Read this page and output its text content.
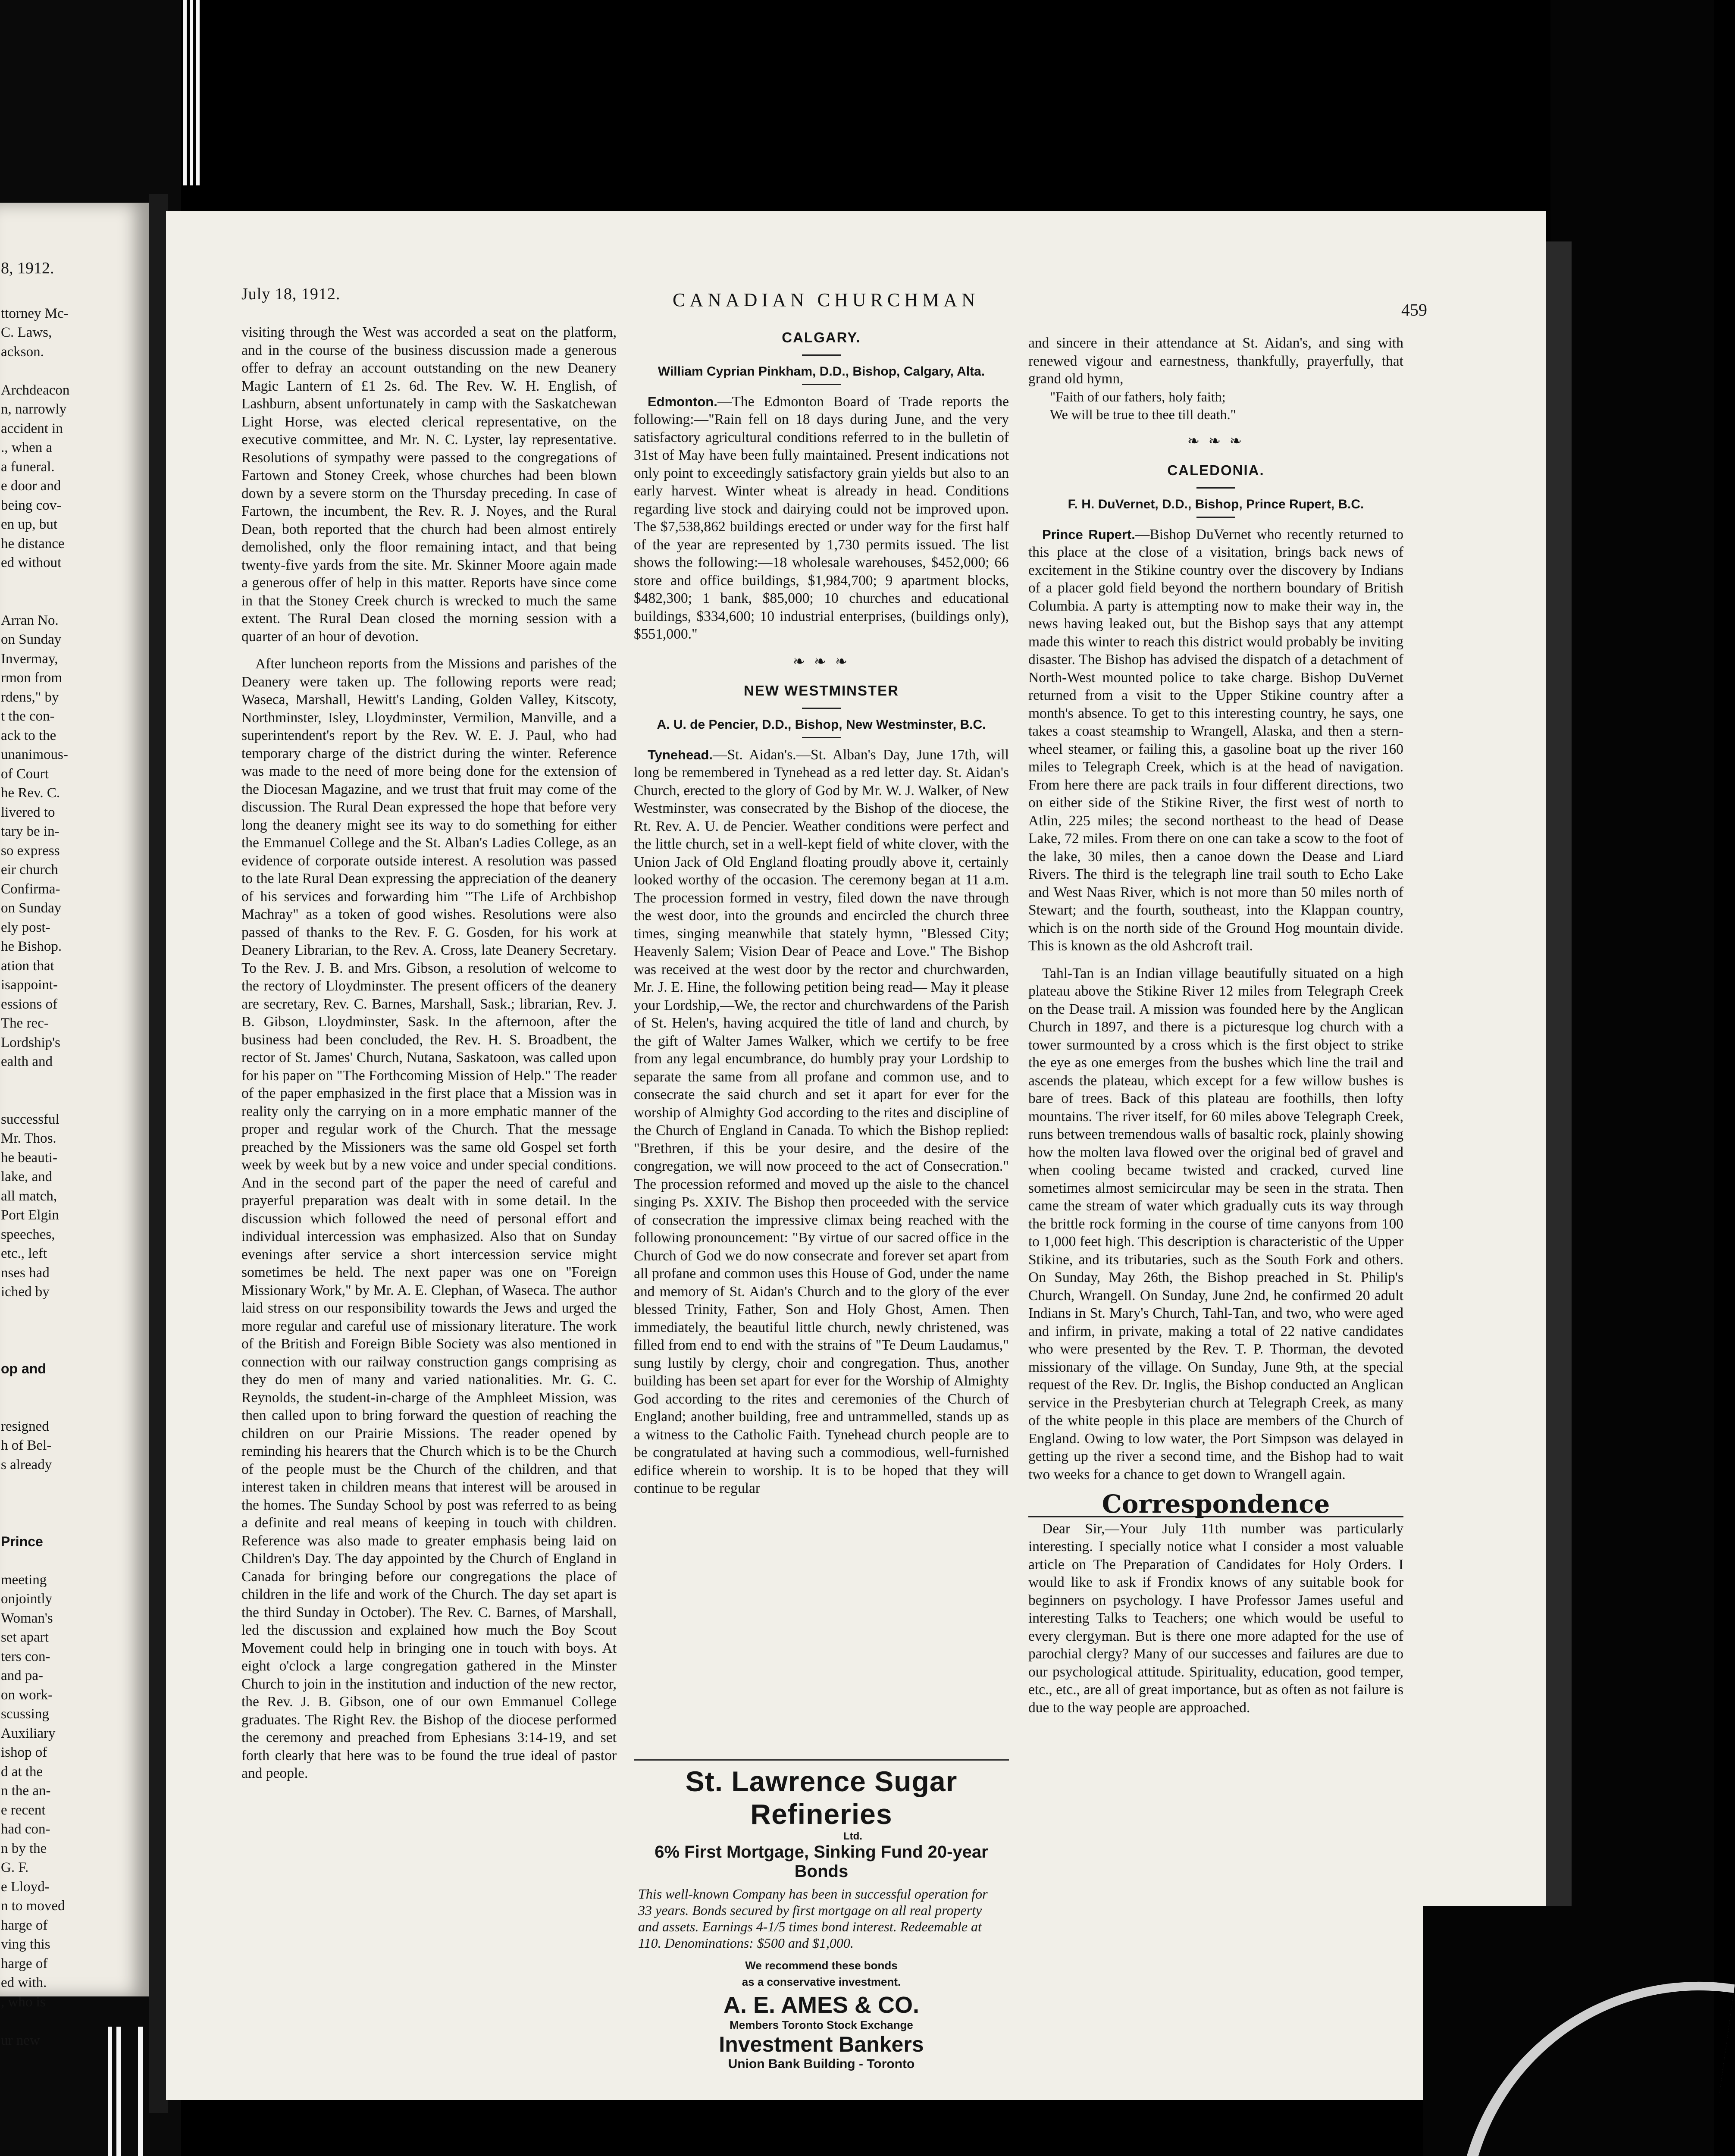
8, 1912.
ttorney Mc-
C. Laws,
ackson.

Archdeacon
n, narrowly
accident in
., when a
a funeral.
e door and
being cov-
en up, but
he distance
ed without

Arran No.
on Sunday
Invermay,
rmon from
rdens," by
t the con-
ack to the
unanimous-
of Court
he Rev. C.
livered to
tary be in-
so express
eir church
Confirma-
on Sunday
ely post-
he Bishop.
ation that
isappoint-
essions of
The rec-
Lordship's
ealth and

successful
Mr. Thos.
he beauti-
lake, and
all match,
Port Elgin
speeches,
etc., left
nses had
iched by

op and

resigned
h of Bel-
s already

Prince

meeting
onjointly
Woman's
set apart
ters con-
and pa-
on work-
scussing
Auxiliary
ishop of
d at the
n the an-
e recent
had con-
n by the
G. F.
e Lloyd-
n to moved
harge of
ving this
harge of
ed with.
, who is

ur new
July 18, 1912.	CANADIAN CHURCHMAN	459

visiting through the West was accorded a seat on the platform, and in the course of the business discussion made a generous offer to defray an account outstanding on the new Deanery Magic Lantern of £1 2s. 6d. The Rev. W. H. English, of Lashburn, absent unfortunately in camp with the Saskatchewan Light Horse, was elected clerical representative, on the executive committee, and Mr. N. C. Lyster, lay representative. Resolutions of sympathy were passed to the congregations of Fartown and Stoney Creek, whose churches had been blown down by a severe storm on the Thursday preceding. In case of Fartown, the incumbent, the Rev. R. J. Noyes, and the Rural Dean, both reported that the church had been almost entirely demolished, only the floor remaining intact, and that being twenty-five yards from the site. Mr. Skinner Moore again made a generous offer of help in this matter. Reports have since come in that the Stoney Creek church is wrecked to much the same extent. The Rural Dean closed the morning session with a quarter of an hour of devotion.

After luncheon reports from the Missions and parishes of the Deanery were taken up. The following reports were read; Waseca, Marshall, Hewitt's Landing, Golden Valley, Kitscoty, Northminster, Isley, Lloydminster, Vermilion, Manville, and a superintendent's report by the Rev. W. E. J. Paul, who had temporary charge of the district during the winter. Reference was made to the need of more being done for the extension of the Diocesan Magazine, and we trust that fruit may come of the discussion. The Rural Dean expressed the hope that before very long the deanery might see its way to do something for either the Emmanuel College and the St. Alban's Ladies College, as an evidence of corporate outside interest. A resolution was passed to the late Rural Dean expressing the appreciation of the deanery of his services and forwarding him "The Life of Archbishop Machray" as a token of good wishes. Resolutions were also passed of thanks to the Rev. F. G. Gosden, for his work at Deanery Librarian, to the Rev. A. Cross, late Deanery Secretary. To the Rev. J. B. and Mrs. Gibson, a resolution of welcome to the rectory of Lloydminster. The present officers of the deanery are secretary, Rev. C. Barnes, Marshall, Sask.; librarian, Rev. J. B. Gibson, Lloydminster, Sask. In the afternoon, after the business had been concluded, the Rev. H. S. Broadbent, the rector of St. James' Church, Nutana, Saskatoon, was called upon for his paper on "The Forthcoming Mission of Help." The reader of the paper emphasized in the first place that a Mission was in reality only the carrying on in a more emphatic manner of the proper and regular work of the Church. That the message preached by the Missioners was the same old Gospel set forth week by week but by a new voice and under special conditions. And in the second part of the paper the need of careful and prayerful preparation was dealt with in some detail. In the discussion which followed the need of personal effort and individual intercession was emphasized. Also that on Sunday evenings after service a short intercession service might sometimes be held. The next paper was one on "Foreign Missionary Work," by Mr. A. E. Clephan, of Waseca. The author laid stress on our responsibility towards the Jews and urged the more regular and careful use of missionary literature. The work of the British and Foreign Bible Society was also mentioned in connection with our railway construction gangs comprising as they do men of many and varied nationalities. Mr. G. C. Reynolds, the student-in-charge of the Amphleet Mission, was then called upon to bring forward the question of reaching the children on our Prairie Missions. The reader opened by reminding his hearers that the Church which is to be the Church of the people must be the Church of the children, and that interest taken in children means that interest will be aroused in the homes. The Sunday School by post was referred to as being a definite and real means of keeping in touch with children. Reference was also made to greater emphasis being laid on Children's Day. The day appointed by the Church of England in Canada for bringing before our congregations the place of children in the life and work of the Church. The day set apart is the third Sunday in October). The Rev. C. Barnes, of Marshall, led the discussion and explained how much the Boy Scout Movement could help in bringing one in touch with boys. At eight o'clock a large congregation gathered in the Minster Church to join in the institution and induction of the new rector, the Rev. J. B. Gibson, one of our own Emmanuel College graduates. The Right Rev. the Bishop of the diocese performed the ceremony and preached from Ephesians 3:14-19, and set forth clearly that here was to be found the true ideal of pastor and people.

CALGARY.
William Cyprian Pinkham, D.D., Bishop, Calgary, Alta.

Edmonton.—The Edmonton Board of Trade reports the following:—"Rain fell on 18 days during June, and the very satisfactory agricultural conditions referred to in the bulletin of 31st of May have been fully maintained. Present indications not only point to exceedingly satisfactory grain yields but also to an early harvest. Winter wheat is already in head. Conditions regarding live stock and dairying could not be improved upon. The $7,538,862 buildings erected or under way for the first half of the year are represented by 1,730 permits issued. The list shows the following:—18 wholesale warehouses, $452,000; 66 store and office buildings, $1,984,700; 9 apartment blocks, $482,300; 1 bank, $85,000; 10 churches and educational buildings, $334,600; 10 industrial enterprises, (buildings only), $551,000."

❧ ❧ ❧
NEW WESTMINSTER
A. U. de Pencier, D.D., Bishop, New Westminster, B.C.

Tynehead.—St. Aidan's.—St. Alban's Day, June 17th, will long be remembered in Tynehead as a red letter day. St. Aidan's Church, erected to the glory of God by Mr. W. J. Walker, of New Westminster, was consecrated by the Bishop of the diocese, the Rt. Rev. A. U. de Pencier. Weather conditions were perfect and the little church, set in a well-kept field of white clover, with the Union Jack of Old England floating proudly above it, certainly looked worthy of the occasion. The ceremony began at 11 a.m. The procession formed in vestry, filed down the nave through the west door, into the grounds and encircled the church three times, singing meanwhile that stately hymn, "Blessed City; Heavenly Salem; Vision Dear of Peace and Love." The Bishop was received at the west door by the rector and churchwarden, Mr. J. E. Hine, the following petition being read— May it please your Lordship,—We, the rector and churchwardens of the Parish of St. Helen's, having acquired the title of land and church, by the gift of Walter James Walker, which we certify to be free from any legal encumbrance, do humbly pray your Lordship to separate the same from all profane and common use, and to consecrate the said church and set it apart for ever for the worship of Almighty God according to the rites and discipline of the Church of England in Canada. To which the Bishop replied: "Brethren, if this be your desire, and the desire of the congregation, we will now proceed to the act of Consecration." The procession reformed and moved up the aisle to the chancel singing Ps. XXIV. The Bishop then proceeded with the service of consecration the impressive climax being reached with the following pronouncement: "By virtue of our sacred office in the Church of God we do now consecrate and forever set apart from all profane and common uses this House of God, under the name and memory of St. Aidan's Church and to the glory of the ever blessed Trinity, Father, Son and Holy Ghost, Amen. Then immediately, the beautiful little church, newly christened, was filled from end to end with the strains of "Te Deum Laudamus," sung lustily by clergy, choir and congregation. Thus, another building has been set apart for ever for the Worship of Almighty God according to the rites and ceremonies of the Church of England; another building, free and untrammelled, stands up as a witness to the Catholic Faith. Tynehead church people are to be congratulated at having such a commodious, well-furnished edifice wherein to worship. It is to be hoped that they will continue to be regular

and sincere in their attendance at St. Aidan's, and sing with renewed vigour and earnestness, thankfully, prayerfully, that grand old hymn,

"Faith of our fathers, holy faith;

We will be true to thee till death."

❧ ❧ ❧
CALEDONIA.
F. H. DuVernet, D.D., Bishop, Prince Rupert, B.C.

Prince Rupert.—Bishop DuVernet who recently returned to this place at the close of a visitation, brings back news of excitement in the Stikine country over the discovery by Indians of a placer gold field beyond the northern boundary of British Columbia. A party is attempting now to make their way in, the news having leaked out, but the Bishop says that any attempt made this winter to reach this district would probably be inviting disaster. The Bishop has advised the dispatch of a detachment of North-West mounted police to take charge. Bishop DuVernet returned from a visit to the Upper Stikine country after a month's absence. To get to this interesting country, he says, one takes a coast steamship to Wrangell, Alaska, and then a stern-wheel steamer, or failing this, a gasoline boat up the river 160 miles to Telegraph Creek, which is at the head of navigation. From here there are pack trails in four different directions, two on either side of the Stikine River, the first west of north to Atlin, 225 miles; the second northeast to the head of Dease Lake, 72 miles. From there on one can take a scow to the foot of the lake, 30 miles, then a canoe down the Dease and Liard Rivers. The third is the telegraph line trail south to Echo Lake and West Naas River, which is not more than 50 miles north of Stewart; and the fourth, southeast, into the Klappan country, which is on the north side of the Ground Hog mountain divide. This is known as the old Ashcroft trail.

Tahl-Tan is an Indian village beautifully situated on a high plateau above the Stikine River 12 miles from Telegraph Creek on the Dease trail. A mission was founded here by the Anglican Church in 1897, and there is a picturesque log church with a tower surmounted by a cross which is the first object to strike the eye as one emerges from the bushes which line the trail and ascends the plateau, which except for a few willow bushes is bare of trees. Back of this plateau are foothills, then lofty mountains. The river itself, for 60 miles above Telegraph Creek, runs between tremendous walls of basaltic rock, plainly showing how the molten lava flowed over the original bed of gravel and when cooling became twisted and cracked, curved line sometimes almost semicircular may be seen in the strata. Then came the stream of water which gradually cuts its way through the brittle rock forming in the course of time canyons from 100 to 1,000 feet high. This description is characteristic of the Upper Stikine, and its tributaries, such as the South Fork and others. On Sunday, May 26th, the Bishop preached in St. Philip's Church, Wrangell. On Sunday, June 2nd, he confirmed 20 adult Indians in St. Mary's Church, Tahl-Tan, and two, who were aged and infirm, in private, making a total of 22 native candidates who were presented by the Rev. T. P. Thorman, the devoted missionary of the village. On Sunday, June 9th, at the special request of the Rev. Dr. Inglis, the Bishop conducted an Anglican service in the Presbyterian church at Telegraph Creek, as many of the white people in this place are members of the Church of England. Owing to low water, the Port Simpson was delayed in getting up the river a second time, and the Bishop had to wait two weeks for a chance to get down to Wrangell again.

Correspondence

Dear Sir,—Your July 11th number was particularly interesting. I specially notice what I consider a most valuable article on The Preparation of Candidates for Holy Orders. I would like to ask if Frondix knows of any suitable book for beginners on psychology. I have Professor James useful and interesting Talks to Teachers; one which would be useful to every clergyman. But is there one more adapted for the use of parochial clergy? Many of our successes and failures are due to our psychological attitude. Spirituality, education, good temper, etc., etc., are all of great importance, but as often as not failure is due to the way people are approached.

St. Lawrence Sugar Refineries
Ltd.
6% First Mortgage, Sinking Fund 20-year Bonds
This well-known Company has been in successful operation for 33 years. Bonds secured by first mortgage on all real property and assets. Earnings 4-1/5 times bond interest. Redeemable at 110. Denominations: $500 and $1,000.
We recommend these bonds
as a conservative investment.
A. E. AMES & CO.
Members Toronto Stock Exchange
Investment Bankers
Union Bank Building - Toronto
